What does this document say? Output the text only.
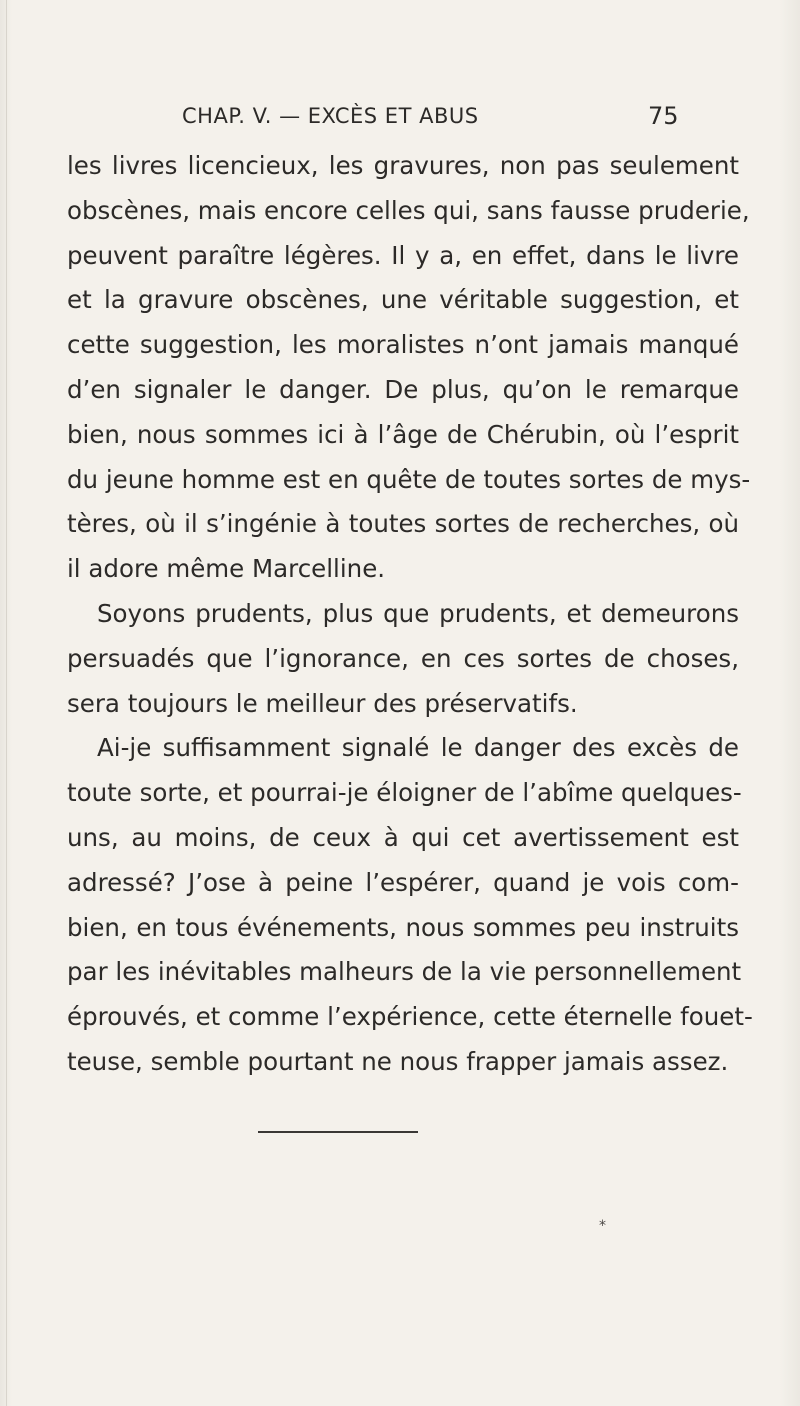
CHAP. V. — EXCÈS ET ABUS	75
les livres licencieux, les gravures, non pas seulement
obscènes, mais encore celles qui, sans fausse pruderie,
peuvent paraître légères. Il y a, en effet, dans le livre
et la gravure obscènes, une véritable suggestion, et
cette suggestion, les moralistes n’ont jamais manqué
d’en signaler le danger. De plus, qu’on le remarque
bien, nous sommes ici à l’âge de Chérubin, où l’esprit
du jeune homme est en quête de toutes sortes de mys-
tères, où il s’ingénie à toutes sortes de recherches, où
il adore même Marcelline.
Soyons prudents, plus que prudents, et demeurons
persuadés que l’ignorance, en ces sortes de choses,
sera toujours le meilleur des préservatifs.
Ai-je suffisamment signalé le danger des excès de
toute sorte, et pourrai-je éloigner de l’abîme quelques-
uns, au moins, de ceux à qui cet avertissement est
adressé? J’ose à peine l’espérer, quand je vois com-
bien, en tous événements, nous sommes peu instruits
par les inévitables malheurs de la vie personnellement
éprouvés, et comme l’expérience, cette éternelle fouet-
teuse, semble pourtant ne nous frapper jamais assez.
*
